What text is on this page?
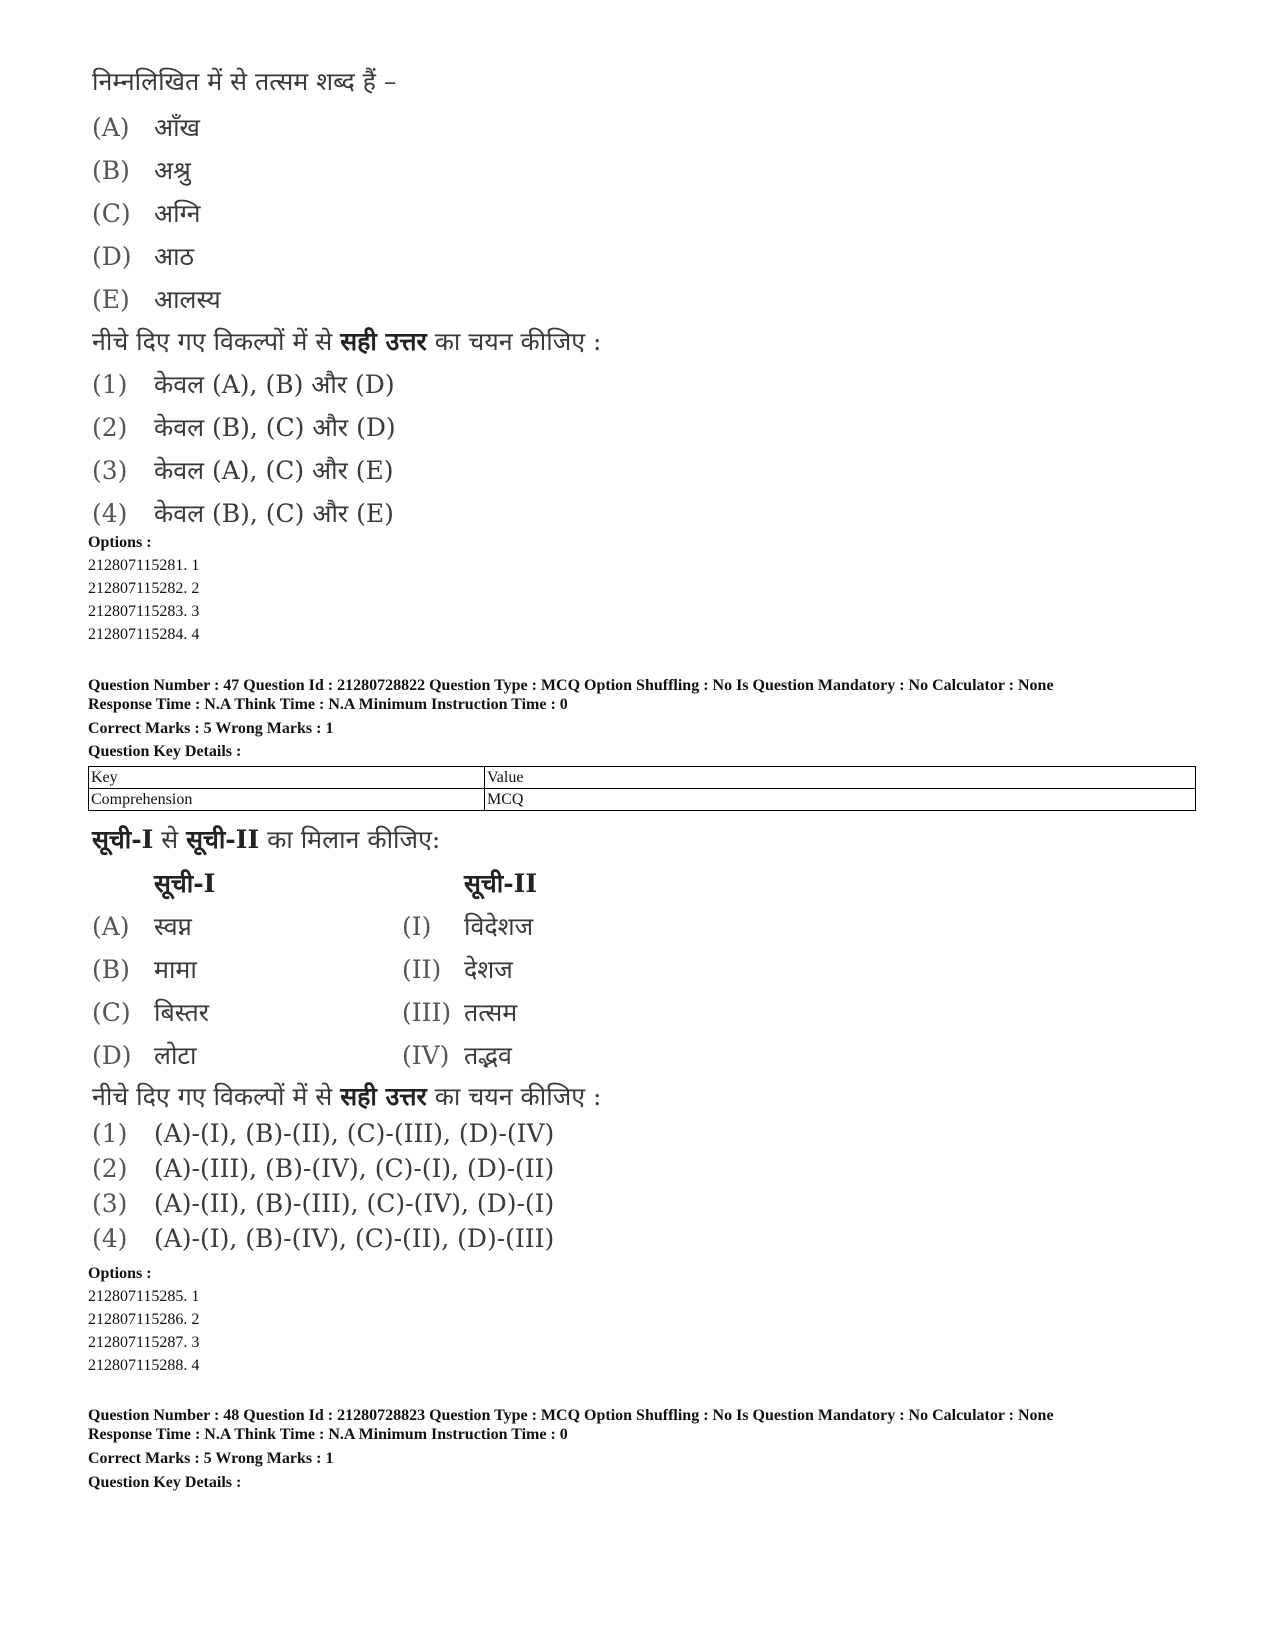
निम्नलिखित में से तत्सम शब्द हैं –
(A) आँख
(B) अश्रु
(C) अग्नि
(D) आठ
(E) आलस्य
नीचे दिए गए विकल्पों में से सही उत्तर का चयन कीजिए :
(1) केवल (A), (B) और (D)
(2) केवल (B), (C) और (D)
(3) केवल (A), (C) और (E)
(4) केवल (B), (C) और (E)
Options :
212807115281. 1
212807115282. 2
212807115283. 3
212807115284. 4
Question Number : 47 Question Id : 21280728822 Question Type : MCQ Option Shuffling : No Is Question Mandatory : No Calculator : None
Response Time : N.A Think Time : N.A Minimum Instruction Time : 0
Correct Marks : 5 Wrong Marks : 1
Question Key Details :
Key	Value
Comprehension	MCQ
सूची-I से सूची-II का मिलान कीजिए:
सूची-I	सूची-II
(A) स्वप्न	(I) विदेशज
(B) मामा	(II) देशज
(C) बिस्तर	(III) तत्सम
(D) लोटा	(IV) तद्भव
नीचे दिए गए विकल्पों में से सही उत्तर का चयन कीजिए :
(1) (A)-(I), (B)-(II), (C)-(III), (D)-(IV)
(2) (A)-(III), (B)-(IV), (C)-(I), (D)-(II)
(3) (A)-(II), (B)-(III), (C)-(IV), (D)-(I)
(4) (A)-(I), (B)-(IV), (C)-(II), (D)-(III)
Options :
212807115285. 1
212807115286. 2
212807115287. 3
212807115288. 4
Question Number : 48 Question Id : 21280728823 Question Type : MCQ Option Shuffling : No Is Question Mandatory : No Calculator : None
Response Time : N.A Think Time : N.A Minimum Instruction Time : 0
Correct Marks : 5 Wrong Marks : 1
Question Key Details :
